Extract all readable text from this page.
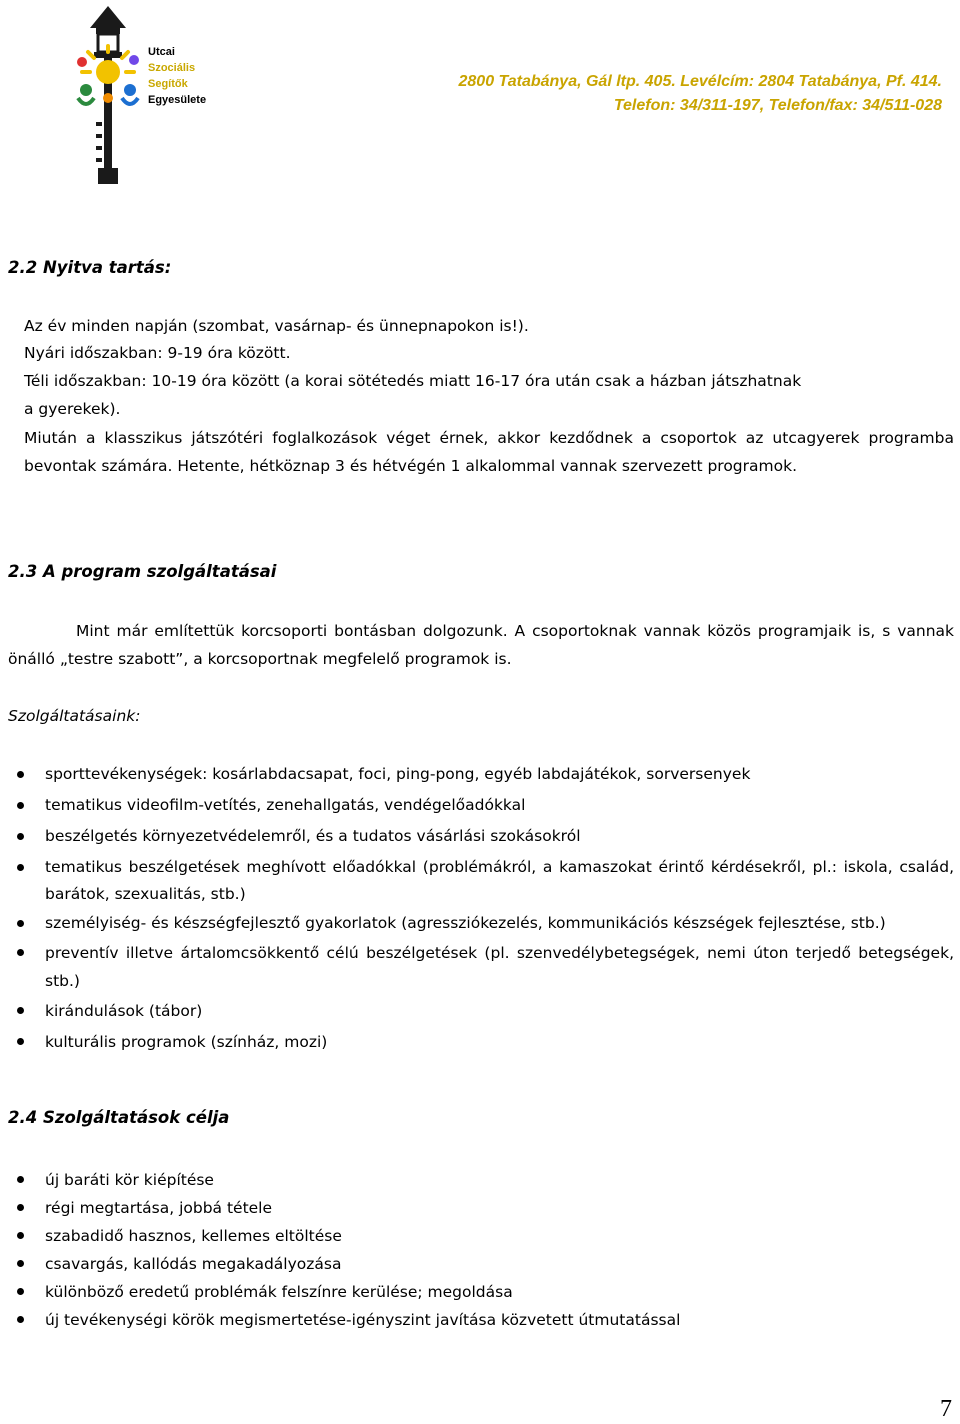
Utcai
Szociális
Segítők
Egyesülete
2800 Tatabánya, Gál ltp. 405. Levélcím: 2804 Tatabánya, Pf. 414.
Telefon: 34/311-197, Telefon/fax: 34/511-028
2.2 Nyitva tartás:
Az év minden napján (szombat, vasárnap- és ünnepnapokon is!).
Nyári időszakban: 9-19 óra között.
Téli időszakban: 10-19 óra között (a korai sötétedés miatt 16-17 óra után csak a házban játszhatnak
a gyerekek).
Miután a klasszikus játszótéri foglalkozások véget érnek, akkor kezdődnek a csoportok az utcagyerek programba bevontak számára. Hetente, hétköznap 3 és hétvégén 1 alkalommal vannak szervezett programok.
2.3 A program szolgáltatásai
Mint már említettük korcsoporti bontásban dolgozunk. A csoportoknak vannak közös programjaik is, s vannak önálló „testre szabott”, a korcsoportnak megfelelő programok is.
Szolgáltatásaink:
sporttevékenységek: kosárlabdacsapat, foci, ping-pong, egyéb labdajátékok, sorversenyek
tematikus videofilm-vetítés, zenehallgatás, vendégelőadókkal
beszélgetés környezetvédelemről, és a tudatos vásárlási szokásokról
tematikus beszélgetések meghívott előadókkal (problémákról, a kamaszokat érintő kérdésekről, pl.: iskola, család, barátok, szexualitás, stb.)
személyiség- és készségfejlesztő gyakorlatok (agressziókezelés, kommunikációs készségek fejlesztése, stb.)
preventív illetve ártalomcsökkentő célú beszélgetések (pl. szenvedélybetegségek, nemi úton terjedő betegségek, stb.)
kirándulások (tábor)
kulturális programok (színház, mozi)
2.4 Szolgáltatások célja
új baráti kör kiépítése
régi megtartása, jobbá tétele
szabadidő hasznos, kellemes eltöltése
csavargás, kallódás megakadályozása
különböző eredetű problémák felszínre kerülése; megoldása
új tevékenységi körök megismertetése-igényszint javítása közvetett útmutatással
7
